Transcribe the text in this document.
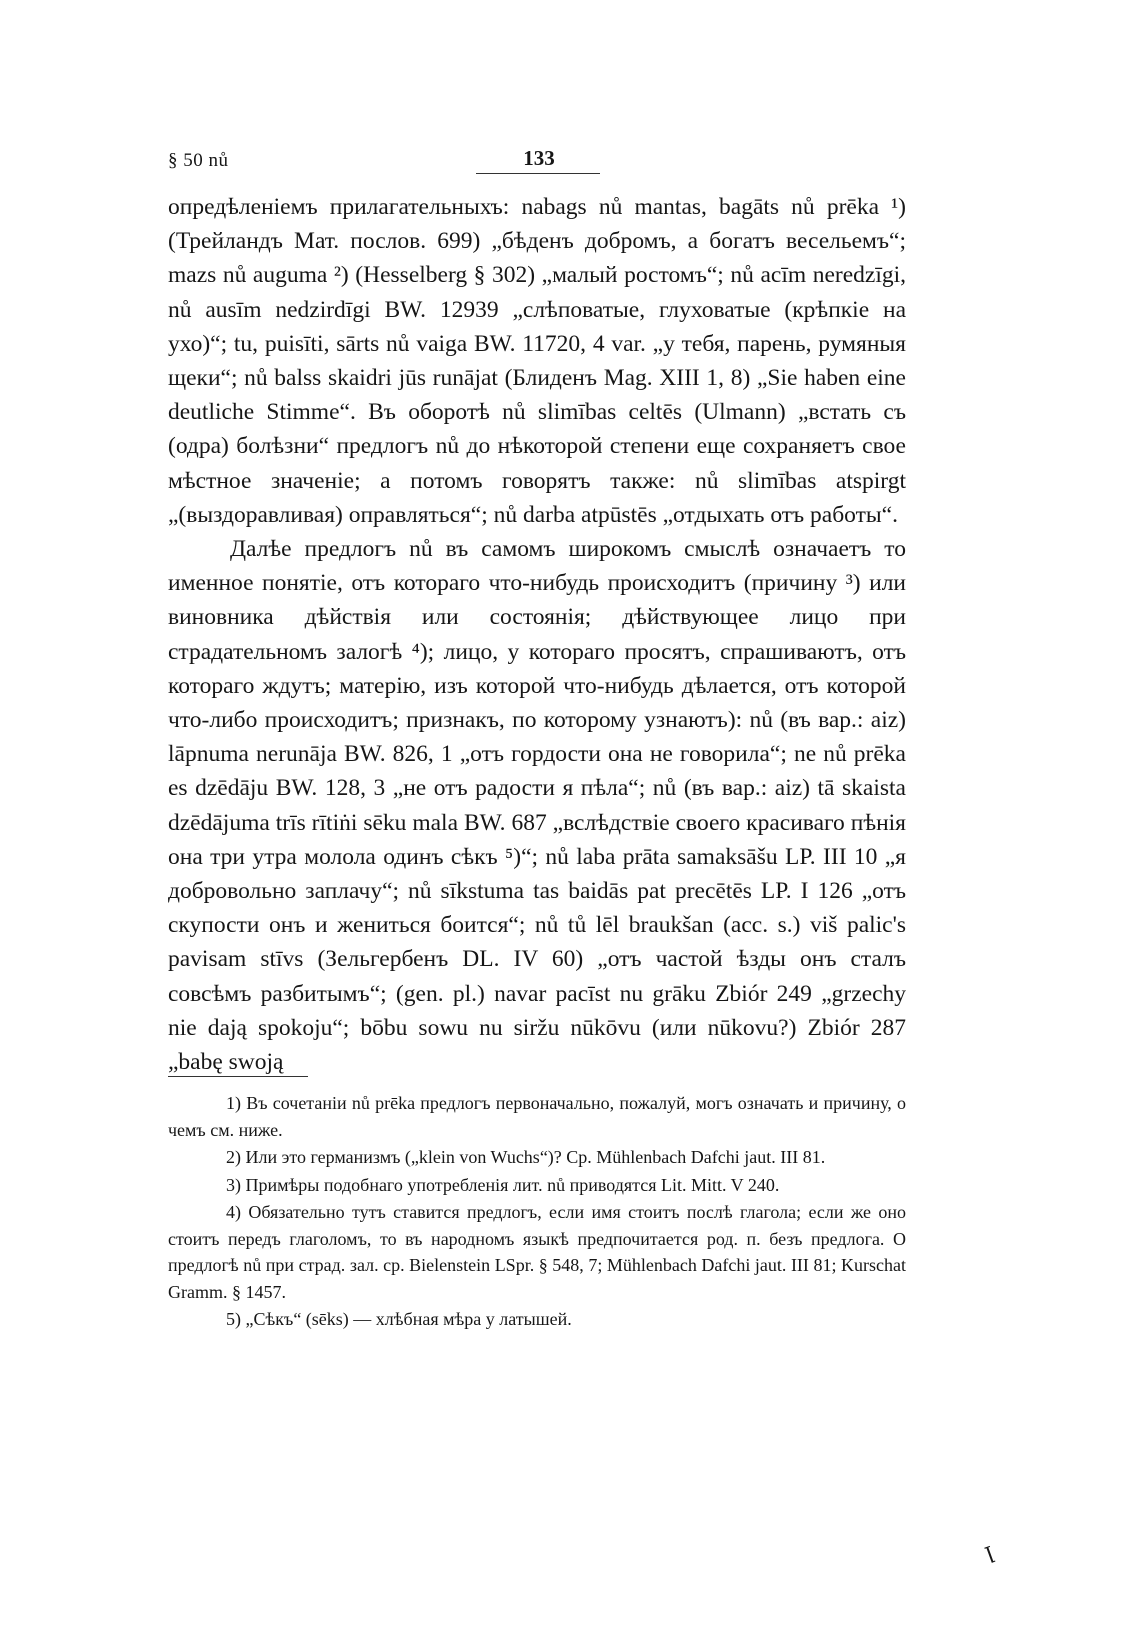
§ 50 nů	133

опредѣленіемъ прилагательныхъ: nabags nů mantas, bagāts nů prēka ¹) (Трейландъ Мат. послов. 699) „бѣденъ добромъ, а богатъ весельемъ“; mazs nů auguma ²) (Hesselberg § 302) „малый ростомъ“; nů acīm neredzīgi, nů ausīm nedzirdīgi BW. 12939 „слѣповатые, глуховатые (крѣпкіе на ухо)“; tu, puisīti, sārts nů vaiga BW. 11720, 4 var. „у тебя, парень, румяныя щеки“; nů balss skaidri jūs runājat (Блиденъ Mag. XIII 1, 8) „Sie haben eine deutliche Stimme“. Въ оборотѣ nů slimības celtēs (Ulmann) „встать съ (одра) болѣзни“ предлогъ nů до нѣкоторой степени еще сохраняетъ свое мѣстное значеніе; а потомъ говорятъ также: nů slimības atspirgt „(выздоравливая) оправляться“; nů darba atpūstēs „отдыхать отъ работы“.

Далѣе предлогъ nů въ самомъ широкомъ смыслѣ означаетъ то именное понятіе, отъ котораго что-нибудь происходитъ (причину ³) или виновника дѣйствія или состоянія; дѣйствующее лицо при страдательномъ залогѣ ⁴); лицо, у котораго просятъ, спрашиваютъ, отъ котораго ждутъ; матерію, изъ которой что-нибудь дѣлается, отъ которой что-либо происходитъ; признакъ, по которому узнаютъ): nů (въ вар.: aiz) lāpnuma nerunāja BW. 826, 1 „отъ гордости она не говорила“; ne nů prēka es dzēdāju BW. 128, 3 „не отъ радости я пѣла“; nů (въ вар.: aiz) tā skaista dzēdājuma trīs rītiṅi sēku mala BW. 687 „вслѣдствіе своего красиваго пѣнія она три утра молола одинъ сѣкъ ⁵)“; nů laba prāta samaksāšu LP. III 10 „я добровольно заплачу“; nů sīkstuma tas baidās pat precētēs LP. I 126 „отъ скупости онъ и жениться боится“; nů tů lēl braukšan (acc. s.) viš palic's pavisam stīvs (Зельгербенъ DL. IV 60) „отъ частой ѣзды онъ сталъ совсѣмъ разбитымъ“; (gen. pl.) navar pacīst nu grāku Zbiór 249 „grzechy nie dają spokoju“; bōbu sowu nu siržu nūkōvu (или nūkovu?) Zbiór 287 „babę swoją

1) Въ сочетаніи nů prēka предлогъ первоначально, пожалуй, могъ означать и причину, о чемъ см. ниже.

2) Или это германизмъ („klein von Wuchs“)? Cp. Mühlenbach Dafchi jaut. III 81.

3) Примѣры подобнаго употребленія лит. nů приводятся Lit. Mitt. V 240.

4) Обязательно тутъ ставится предлогъ, если имя стоитъ послѣ глагола; если же оно стоитъ передъ глаголомъ, то въ народномъ языкѣ предпочитается род. п. безъ предлога. О предлогѣ nů при страд. зал. ср. Bielenstein LSpr. § 548, 7; Mühlenbach Dafchi jaut. III 81; Kurschat Gramm. § 1457.

5) „Сѣкъ“ (sēks) — хлѣбная мѣра у латышей.

ꞁ
